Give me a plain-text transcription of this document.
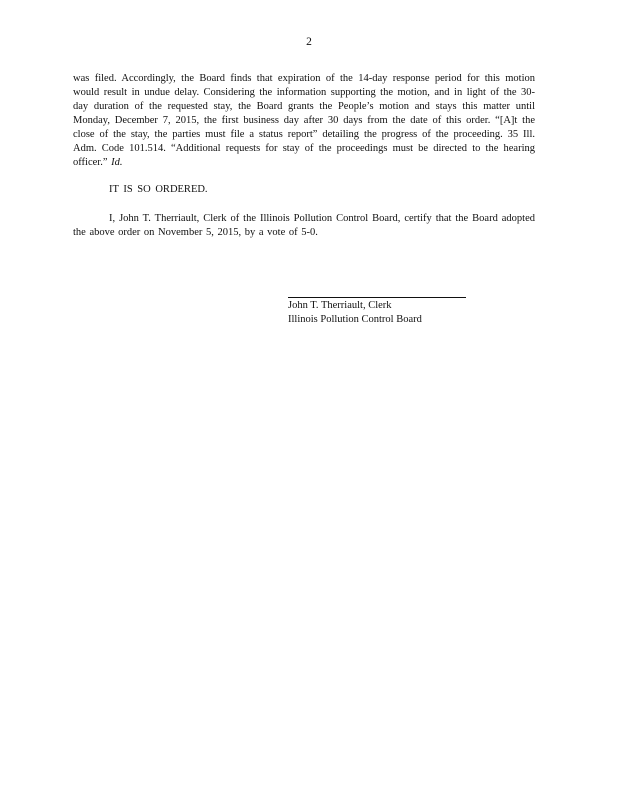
2
was filed. Accordingly, the Board finds that expiration of the 14-day response period for this motion would result in undue delay. Considering the information supporting the motion, and in light of the 30-day duration of the requested stay, the Board grants the People’s motion and stays this matter until Monday, December 7, 2015, the first business day after 30 days from the date of this order. “[A]t the close of the stay, the parties must file a status report” detailing the progress of the proceeding. 35 Ill. Adm. Code 101.514. “Additional requests for stay of the proceedings must be directed to the hearing officer.” Id.
IT IS SO ORDERED.
I, John T. Therriault, Clerk of the Illinois Pollution Control Board, certify that the Board adopted the above order on November 5, 2015, by a vote of 5-0.
John T. Therriault, Clerk
Illinois Pollution Control Board
